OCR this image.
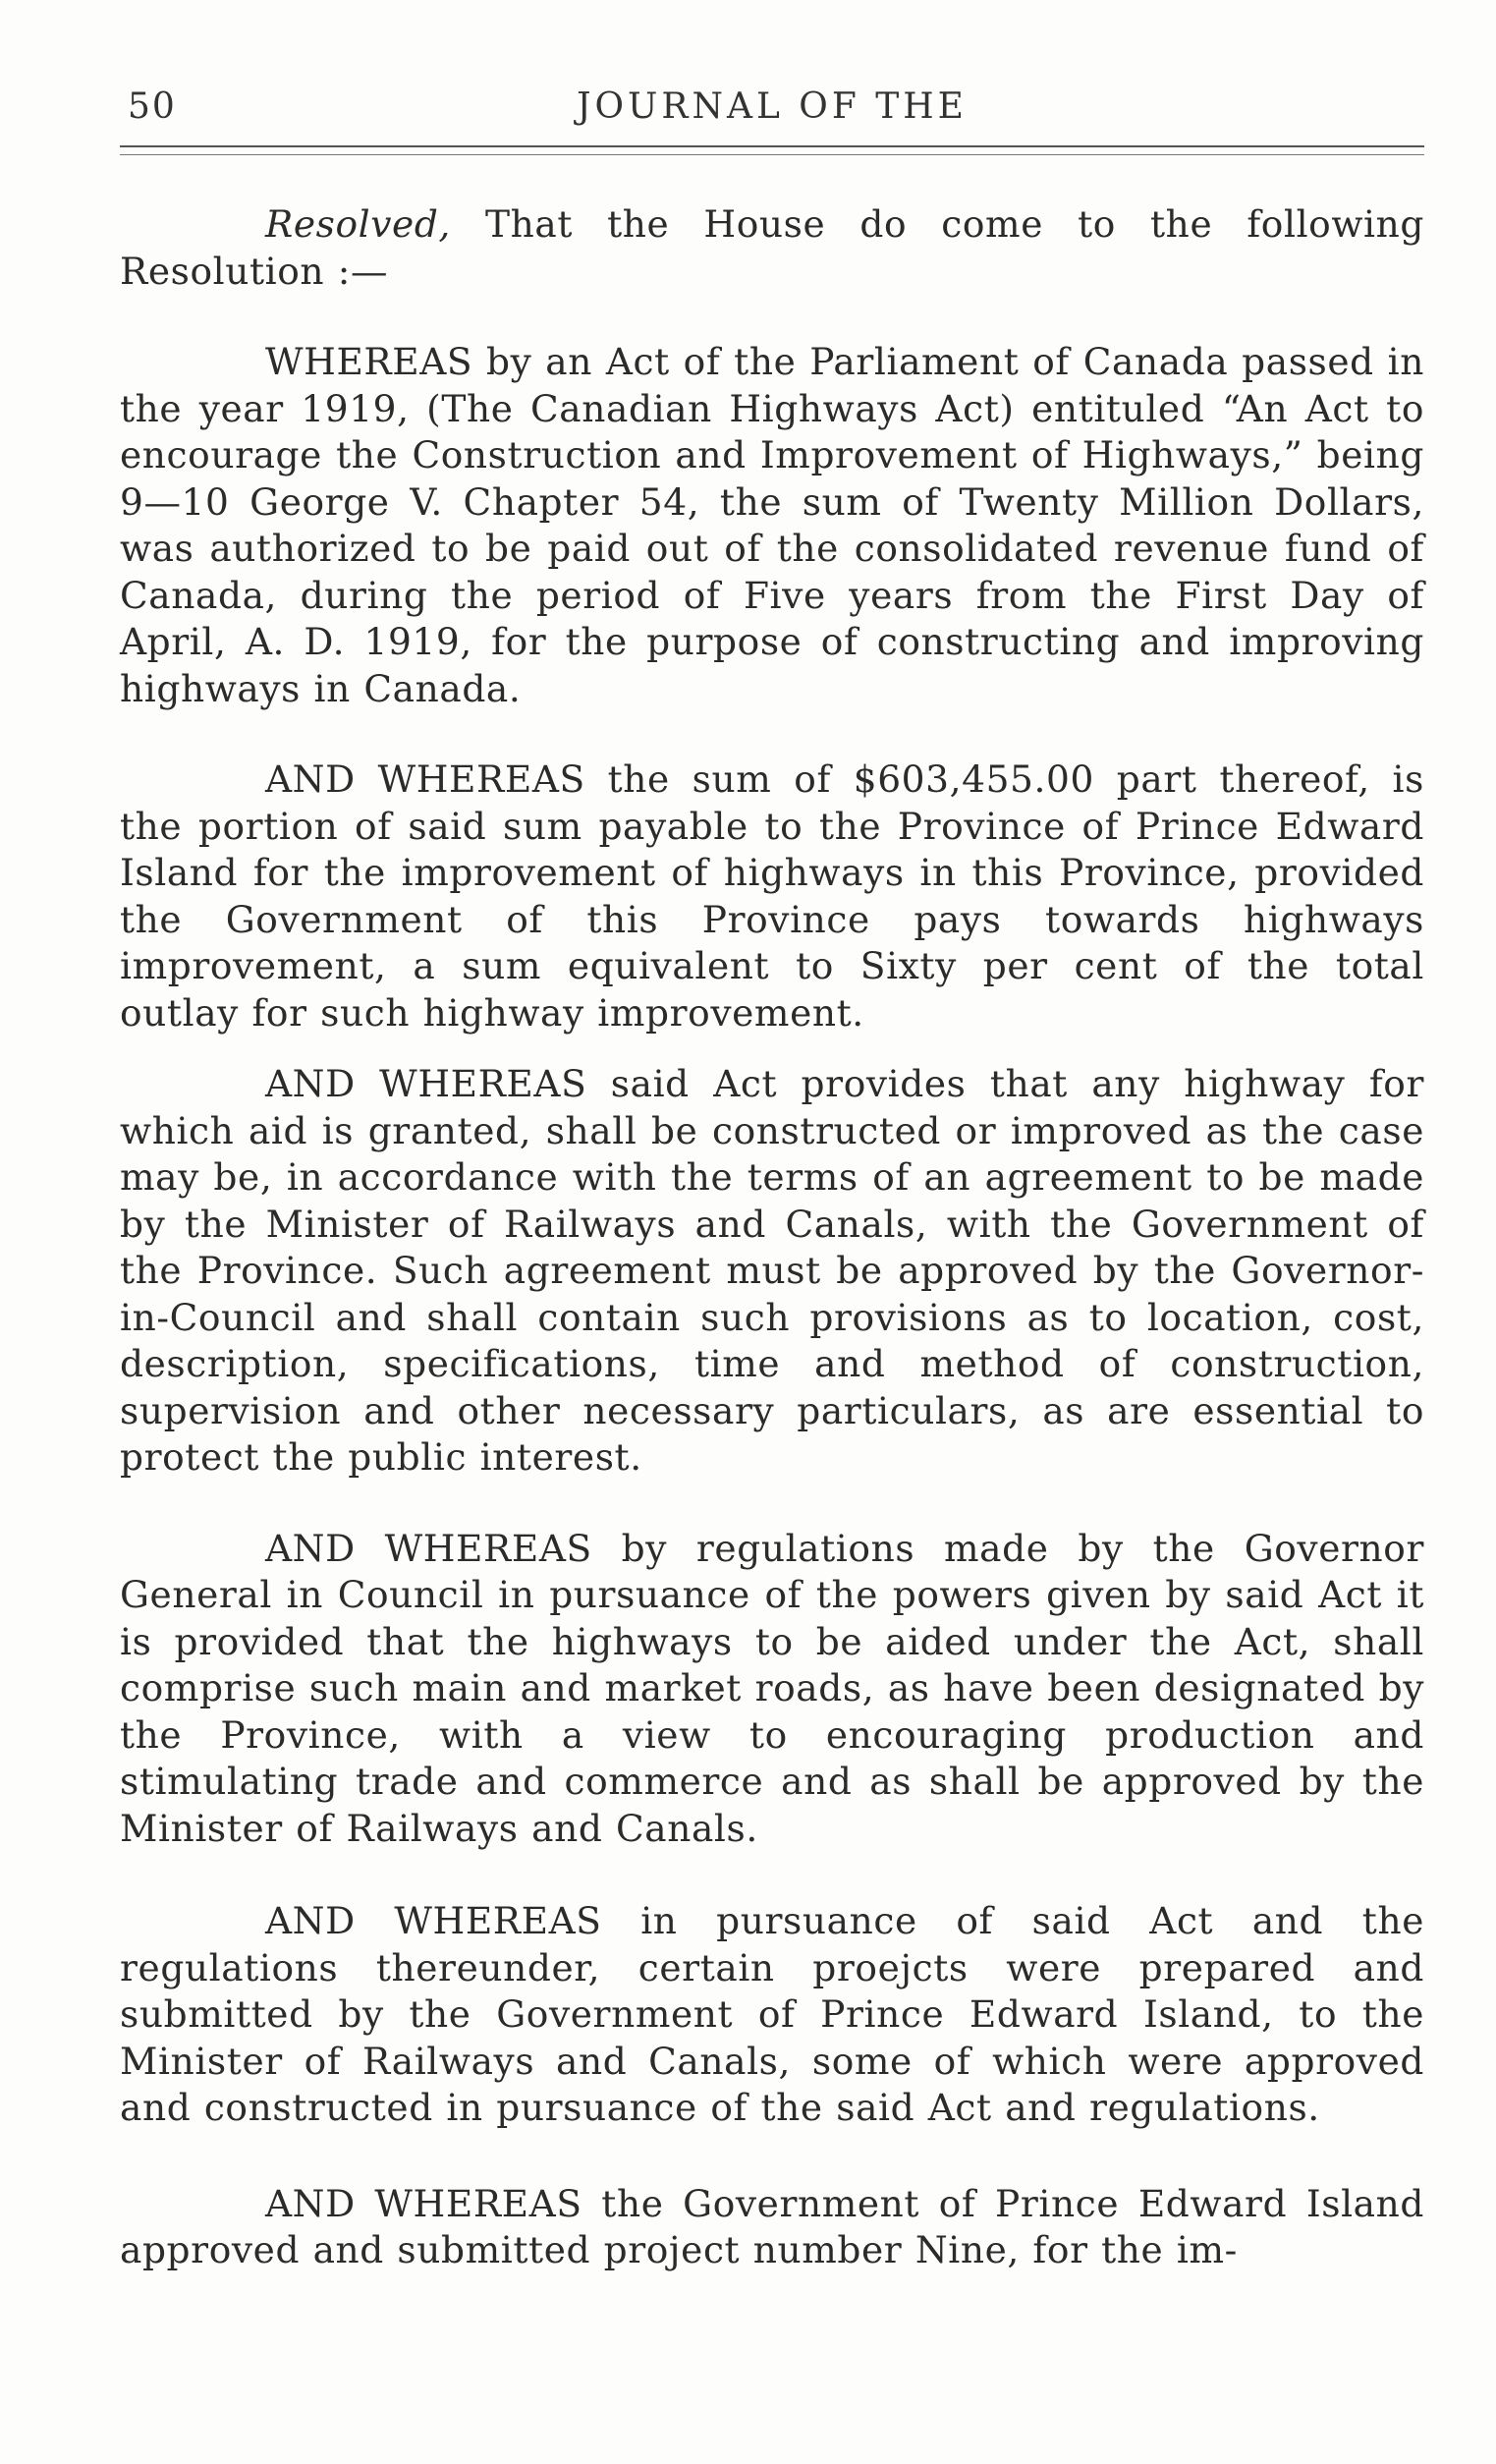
50	JOURNAL OF THE

Resolved, That the House do come to the following Resolution :—

WHEREAS by an Act of the Parliament of Canada passed in the year 1919, (The Canadian Highways Act) entituled “An Act to encourage the Construction and Improvement of Highways,” being 9—10 George V. Chapter 54, the sum of Twenty Million Dollars, was authorized to be paid out of the consolidated revenue fund of Canada, during the period of Five years from the First Day of April, A. D. 1919, for the purpose of constructing and improving highways in Canada.

AND WHEREAS the sum of $603,455.00 part thereof, is the portion of said sum payable to the Province of Prince Edward Island for the improvement of highways in this Province, provided the Government of this Province pays towards highways improvement, a sum equivalent to Sixty per cent of the total outlay for such highway improvement.

AND WHEREAS said Act provides that any highway for which aid is granted, shall be constructed or improved as the case may be, in accordance with the terms of an agreement to be made by the Minister of Railways and Canals, with the Government of the Province. Such agreement must be approved by the Governor-in-Council and shall contain such provisions as to location, cost, description, specifications, time and method of construction, supervision and other necessary particulars, as are essential to protect the public interest.

AND WHEREAS by regulations made by the Governor General in Council in pursuance of the powers given by said Act it is provided that the highways to be aided under the Act, shall comprise such main and market roads, as have been designated by the Province, with a view to encouraging production and stimulating trade and commerce and as shall be approved by the Minister of Railways and Canals.

AND WHEREAS in pursuance of said Act and the regulations thereunder, certain proejcts were prepared and submitted by the Government of Prince Edward Island, to the Minister of Railways and Canals, some of which were approved and constructed in pursuance of the said Act and regulations.

AND WHEREAS the Government of Prince Edward Island approved and submitted project number Nine, for the im-
